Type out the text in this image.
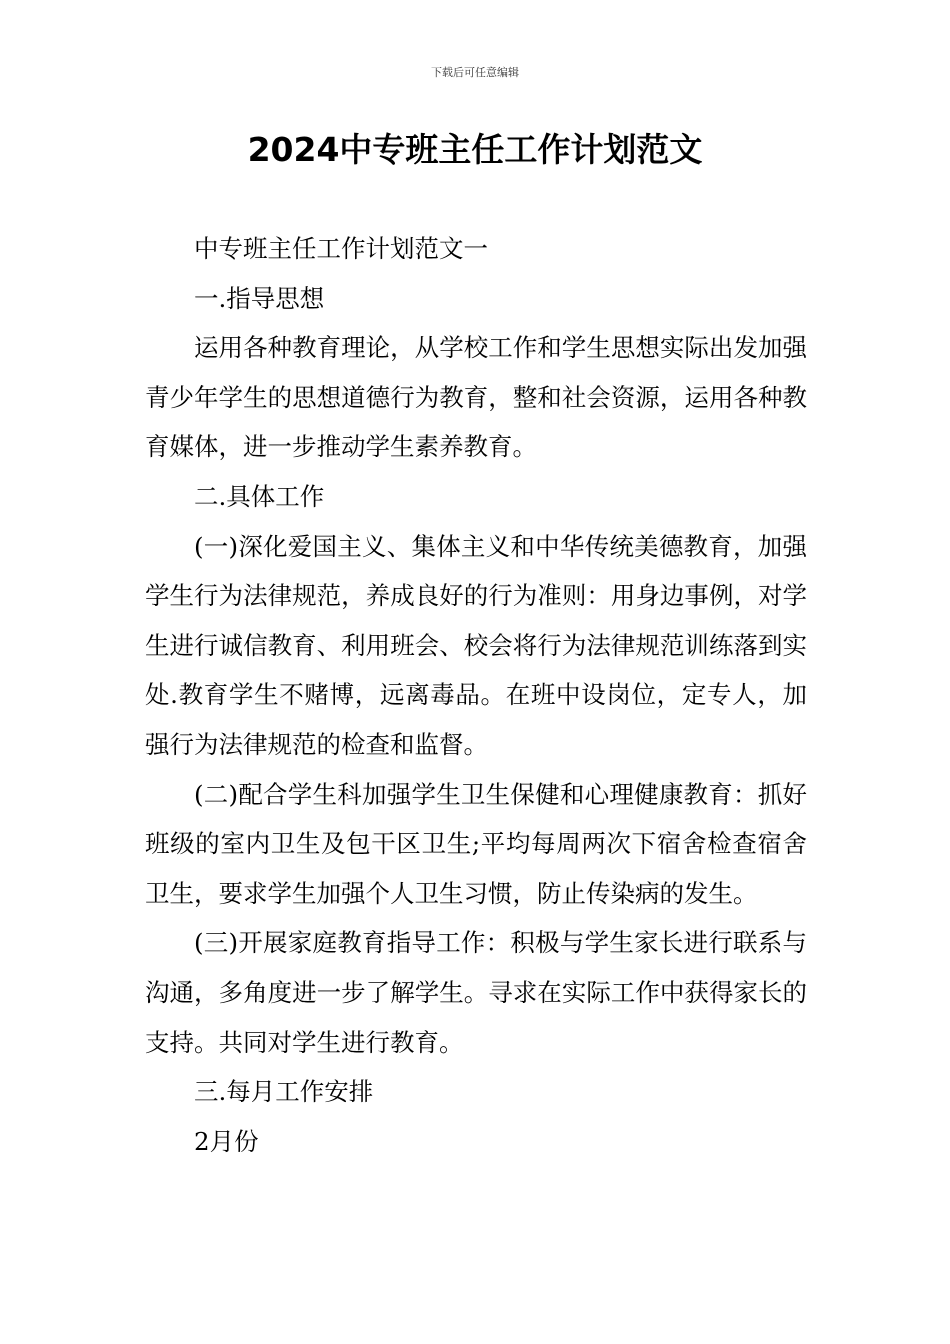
下载后可任意编辑
2024中专班主任工作计划范文

中专班主任工作计划范文一

一.指导思想

运用各种教育理论，从学校工作和学生思想实际出发加强青少年学生的思想道德行为教育，整和社会资源，运用各种教育媒体，进一步推动学生素养教育。

二.具体工作

(一)深化爱国主义、集体主义和中华传统美德教育，加强学生行为法律规范，养成良好的行为准则：用身边事例，对学生进行诚信教育、利用班会、校会将行为法律规范训练落到实处.教育学生不赌博，远离毒品。在班中设岗位，定专人，加强行为法律规范的检查和监督。

(二)配合学生科加强学生卫生保健和心理健康教育：抓好班级的室内卫生及包干区卫生;平均每周两次下宿舍检查宿舍卫生，要求学生加强个人卫生习惯，防止传染病的发生。

(三)开展家庭教育指导工作：积极与学生家长进行联系与沟通，多角度进一步了解学生。寻求在实际工作中获得家长的支持。共同对学生进行教育。

三.每月工作安排

2月份
